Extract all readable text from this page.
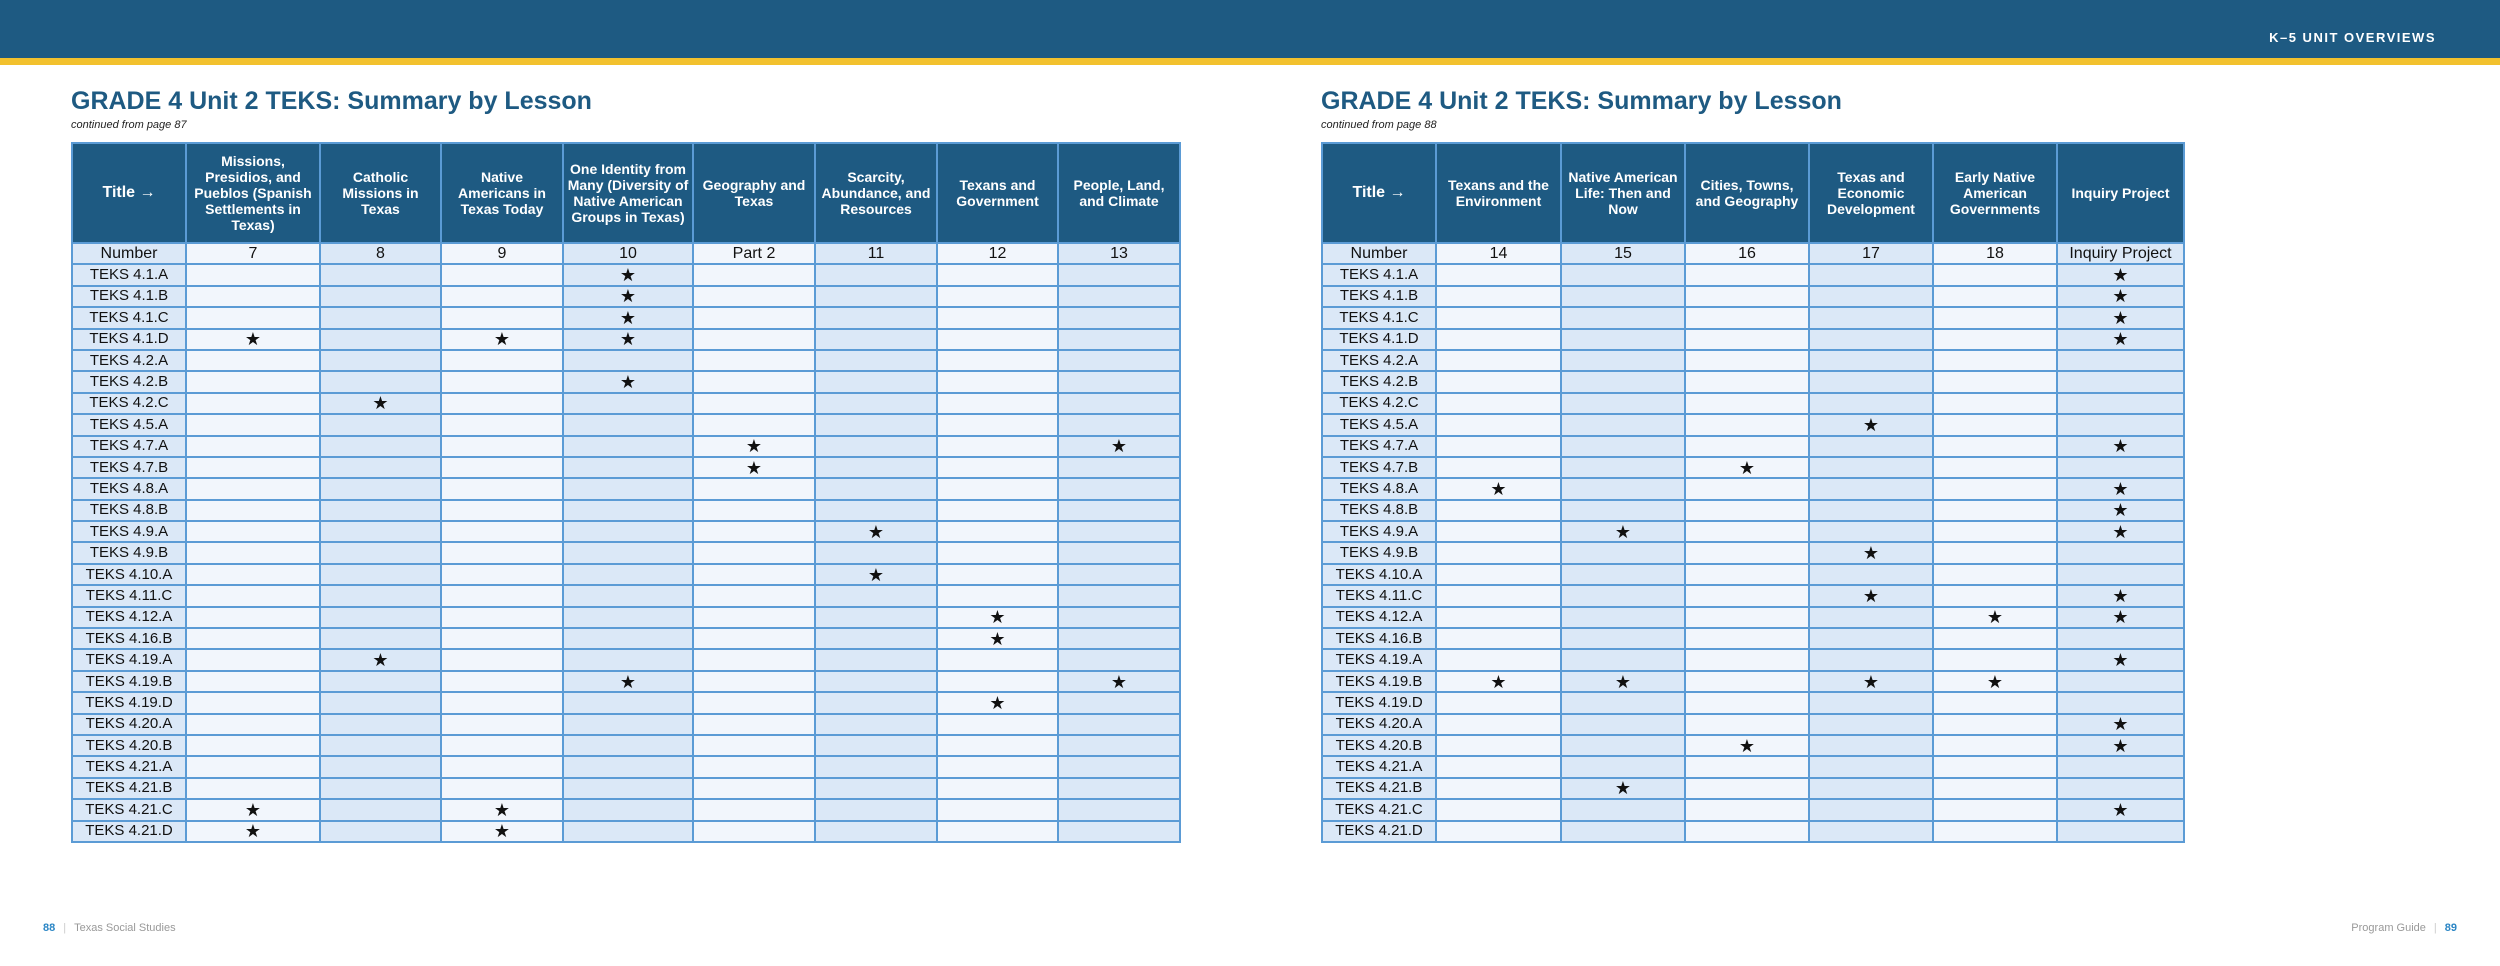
K–5 UNIT OVERVIEWS
GRADE 4 Unit 2 TEKS: Summary by Lesson
continued from page 87
GRADE 4 Unit 2 TEKS: Summary by Lesson
continued from page 88
Title →	Missions, Presidios, and Pueblos (Spanish Settlements in Texas)	Catholic Missions in Texas	Native Americans in Texas Today	One Identity from Many (Diversity of Native American Groups in Texas)	Geography and Texas	Scarcity, Abundance, and Resources	Texans and Government	People, Land, and Climate
Number	7	8	9	10	Part 2	11	12	13
TEKS 4.1.A				★				
TEKS 4.1.B				★				
TEKS 4.1.C				★				
TEKS 4.1.D	★		★	★				
TEKS 4.2.A								
TEKS 4.2.B				★				
TEKS 4.2.C		★						
TEKS 4.5.A								
TEKS 4.7.A					★			★
TEKS 4.7.B					★			
TEKS 4.8.A								
TEKS 4.8.B								
TEKS 4.9.A						★		
TEKS 4.9.B								
TEKS 4.10.A						★		
TEKS 4.11.C								
TEKS 4.12.A							★	
TEKS 4.16.B							★	
TEKS 4.19.A		★						
TEKS 4.19.B				★				★
TEKS 4.19.D							★	
TEKS 4.20.A								
TEKS 4.20.B								
TEKS 4.21.A								
TEKS 4.21.B								
TEKS 4.21.C	★		★					
TEKS 4.21.D	★		★					
Title →	Texans and the Environment	Native American Life: Then and Now	Cities, Towns, and Geography	Texas and Economic Development	Early Native American Governments	Inquiry Project
Number	14	15	16	17	18	Inquiry Project
TEKS 4.1.A						★
TEKS 4.1.B						★
TEKS 4.1.C						★
TEKS 4.1.D						★
TEKS 4.2.A						
TEKS 4.2.B						
TEKS 4.2.C						
TEKS 4.5.A				★		
TEKS 4.7.A						★
TEKS 4.7.B			★			
TEKS 4.8.A	★					★
TEKS 4.8.B						★
TEKS 4.9.A		★				★
TEKS 4.9.B				★		
TEKS 4.10.A						
TEKS 4.11.C				★		★
TEKS 4.12.A					★	★
TEKS 4.16.B						
TEKS 4.19.A						★
TEKS 4.19.B	★	★		★	★	
TEKS 4.19.D						
TEKS 4.20.A						★
TEKS 4.20.B			★			★
TEKS 4.21.A						
TEKS 4.21.B		★				
TEKS 4.21.C						★
TEKS 4.21.D						
88 | Texas Social Studies	Program Guide | 89
